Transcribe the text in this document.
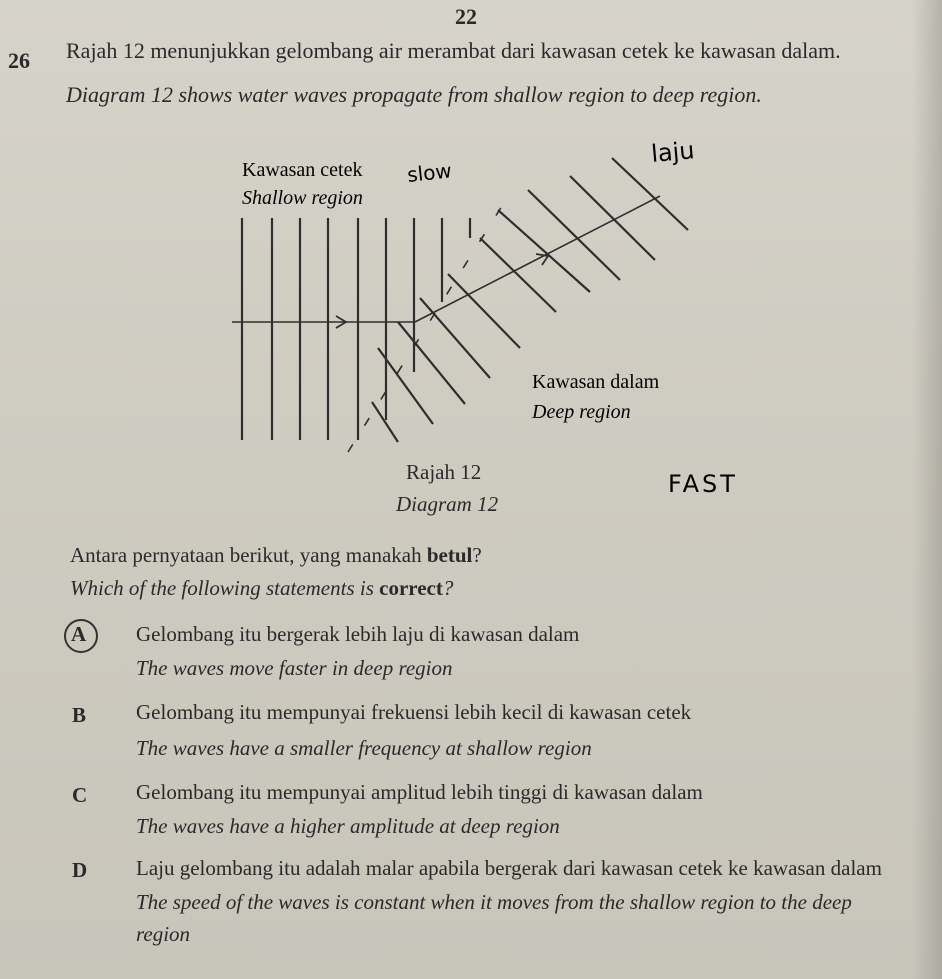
22
26 Rajah 12 menunjukkan gelombang air merambat dari kawasan cetek ke kawasan dalam.
Diagram 12 shows water waves propagate from shallow region to deep region.
Kawasan cetek
Shallow region
Kawasan dalam
Deep region
slow
laju
FAST
Rajah 12
Diagram 12
Antara pernyataan berikut, yang manakah betul?
Which of the following statements is correct?
A Gelombang itu bergerak lebih laju di kawasan dalam
The waves move faster in deep region
B Gelombang itu mempunyai frekuensi lebih kecil di kawasan cetek
The waves have a smaller frequency at shallow region
C Gelombang itu mempunyai amplitud lebih tinggi di kawasan dalam
The waves have a higher amplitude at deep region
D Laju gelombang itu adalah malar apabila bergerak dari kawasan cetek ke kawasan dalam
The speed of the waves is constant when it moves from the shallow region to the deep
region
